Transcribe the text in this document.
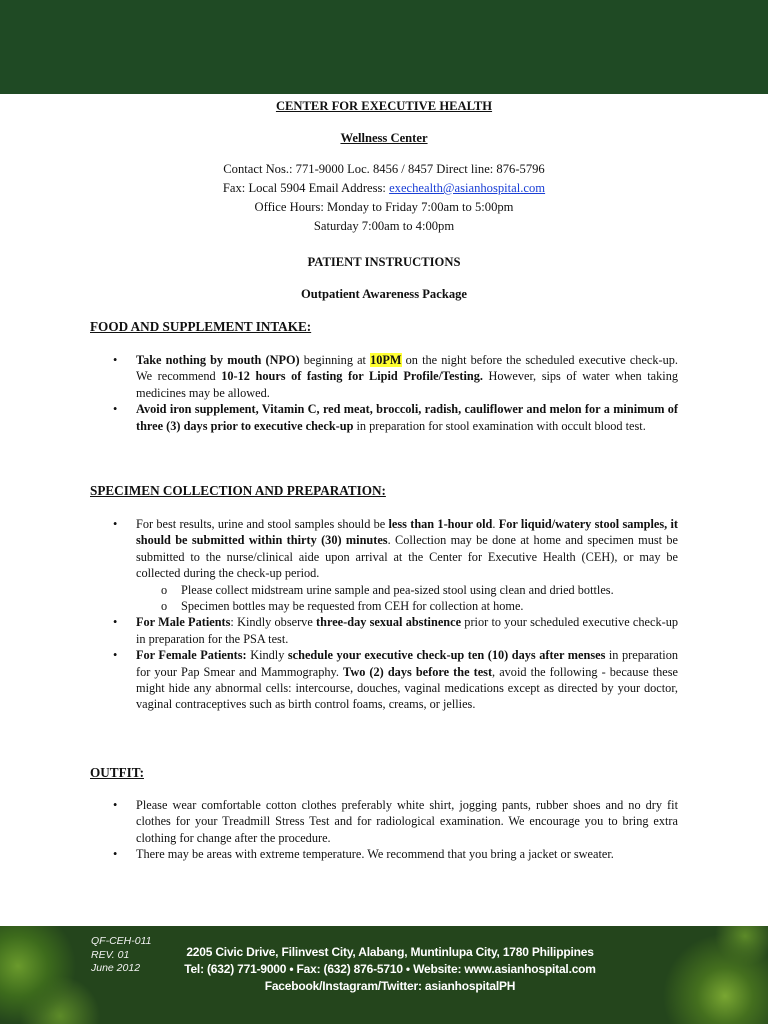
CENTER FOR EXECUTIVE HEALTH
Wellness Center
Contact Nos.: 771-9000 Loc. 8456 / 8457 Direct line: 876-5796
Fax: Local 5904 Email Address: exechealth@asianhospital.com
Office Hours: Monday to Friday 7:00am to 5:00pm
Saturday 7:00am to 4:00pm
PATIENT INSTRUCTIONS
Outpatient Awareness Package
FOOD AND SUPPLEMENT INTAKE:
• Take nothing by mouth (NPO) beginning at 10PM on the night before the scheduled executive check-up. We recommend 10-12 hours of fasting for Lipid Profile/Testing. However, sips of water when taking medicines may be allowed.
• Avoid iron supplement, Vitamin C, red meat, broccoli, radish, cauliflower and melon for a minimum of three (3) days prior to executive check-up in preparation for stool examination with occult blood test.
SPECIMEN COLLECTION AND PREPARATION:
• For best results, urine and stool samples should be less than 1-hour old. For liquid/watery stool samples, it should be submitted within thirty (30) minutes. Collection may be done at home and specimen must be submitted to the nurse/clinical aide upon arrival at the Center for Executive Health (CEH), or may be collected during the check-up period.
o Please collect midstream urine sample and pea-sized stool using clean and dried bottles.
o Specimen bottles may be requested from CEH for collection at home.
• For Male Patients: Kindly observe three-day sexual abstinence prior to your scheduled executive check-up in preparation for the PSA test.
• For Female Patients: Kindly schedule your executive check-up ten (10) days after menses in preparation for your Pap Smear and Mammography. Two (2) days before the test, avoid the following - because these might hide any abnormal cells: intercourse, douches, vaginal medications except as directed by your doctor, vaginal contraceptives such as birth control foams, creams, or jellies.
OUTFIT:
• Please wear comfortable cotton clothes preferably white shirt, jogging pants, rubber shoes and no dry fit clothes for your Treadmill Stress Test and for radiological examination. We encourage you to bring extra clothing for change after the procedure.
• There may be areas with extreme temperature. We recommend that you bring a jacket or sweater.
QF-CEH-011
REV. 01
June 2012
2205 Civic Drive, Filinvest City, Alabang, Muntinlupa City, 1780 Philippines
Tel: (632) 771-9000 • Fax: (632) 876-5710 • Website: www.asianhospital.com
Facebook/Instagram/Twitter: asianhospitalPH
